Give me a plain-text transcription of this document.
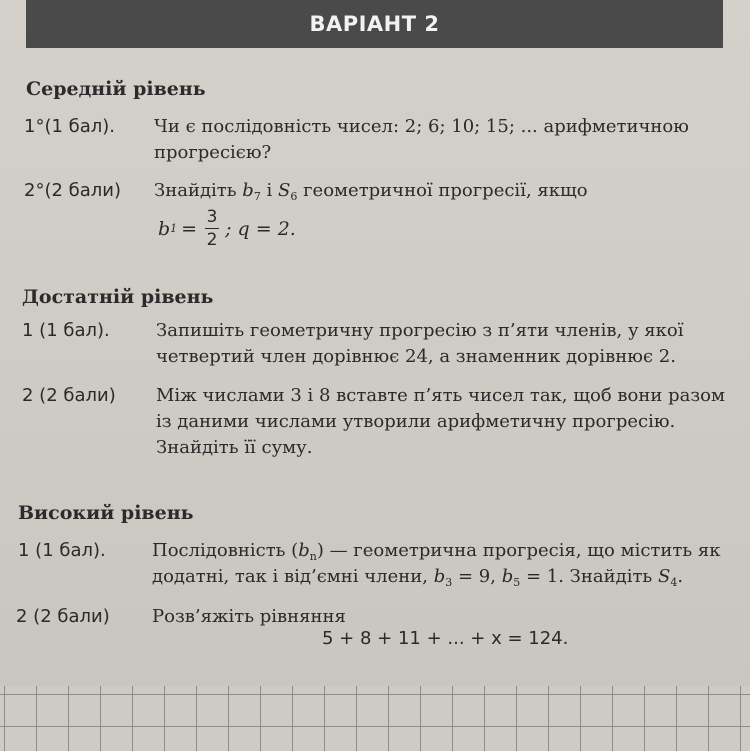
ВАРІАНТ 2
Середній рівень
1°(1 бал).	Чи є послідовність чисел: 2; 6; 10; 15; ... арифметичною прогресією?
2°(2 бали)	Знайдіть $b_7$ і $S_6$ геометричної прогресії, якщо
b $1 = \frac{3}{2}$ ; q = 2.
Достатній рівень
1 (1 бал).	Запишіть геометричну прогресію з п’яти членів, у якої четвертий член дорівнює 24, а знаменник дорівнює 2.
2 (2 бали)	Між числами 3 і 8 вставте п’ять чисел так, щоб вони разом із даними числами утворили арифметичну прогресію. Знайдіть її суму.
Високий рівень
1 (1 бал).	Послідовність $(b_n)$ — геометрична прогресія, що містить як додатні, так і від’ємні члени, $b_3 = 9$, $b_5 = 1$. Знайдіть $S_4$.
2 (2 бали)	Розв’яжіть рівняння
5 + 8 + 11 + ... + x = 124.
